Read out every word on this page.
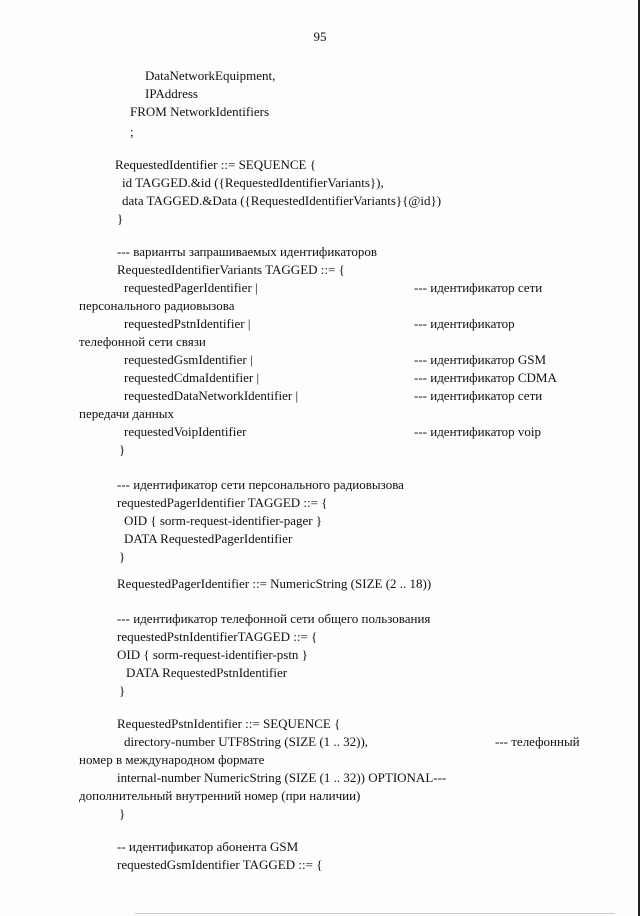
95
DataNetworkEquipment,
IPAddress
FROM NetworkIdentifiers
;
RequestedIdentifier ::= SEQUENCE {
id TAGGED.&id ({RequestedIdentifierVariants}),
data TAGGED.&Data ({RequestedIdentifierVariants}{@id})
}
--- варианты запрашиваемых идентификаторов
RequestedIdentifierVariants TAGGED ::= {
requestedPagerIdentifier |	--- идентификатор сети
персонального радиовызова
requestedPstnIdentifier |	--- идентификатор
телефонной сети связи
requestedGsmIdentifier |	--- идентификатор GSM
requestedCdmaIdentifier |	--- идентификатор CDMA
requestedDataNetworkIdentifier |	--- идентификатор сети
передачи данных
requestedVoipIdentifier	--- идентификатор voip
}
--- идентификатор сети персонального радиовызова
requestedPagerIdentifier TAGGED ::= {
OID { sorm-request-identifier-pager }
DATA RequestedPagerIdentifier
}
RequestedPagerIdentifier ::= NumericString (SIZE (2 .. 18))
--- идентификатор телефонной сети общего пользования
requestedPstnIdentifierTAGGED ::= {
OID { sorm-request-identifier-pstn }
DATA RequestedPstnIdentifier
}
RequestedPstnIdentifier ::= SEQUENCE {
directory-number UTF8String (SIZE (1 .. 32)),	--- телефонный
номер в международном формате
internal-number NumericString (SIZE (1 .. 32)) OPTIONAL---
дополнительный внутренний номер (при наличии)
}
-- идентификатор абонента GSM
requestedGsmIdentifier TAGGED ::= {
